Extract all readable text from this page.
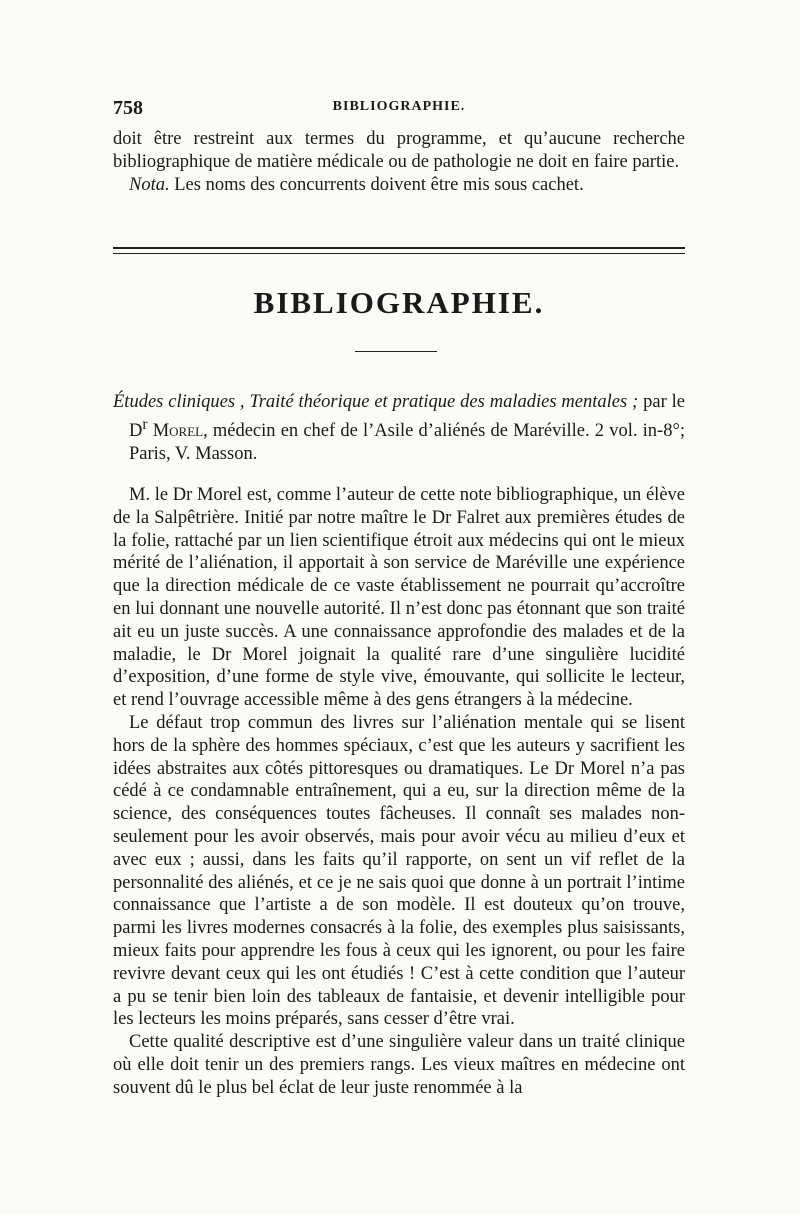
758	BIBLIOGRAPHIE.

doit être restreint aux termes du programme, et qu’aucune recherche bibliographique de matière médicale ou de pathologie ne doit en faire partie.

Nota. Les noms des concurrents doivent être mis sous cachet.

BIBLIOGRAPHIE.

Études cliniques , Traité théorique et pratique des maladies mentales ; par le $D^r$ Morel, médecin en chef de l’Asile d’aliénés de Maréville. 2 vol. in-8°; Paris, V. Masson.

M. le Dr Morel est, comme l’auteur de cette note bibliographique, un élève de la Salpêtrière. Initié par notre maître le Dr Falret aux premières études de la folie, rattaché par un lien scientifique étroit aux médecins qui ont le mieux mérité de l’aliénation, il apportait à son service de Maréville une expérience que la direction médicale de ce vaste établissement ne pourrait qu’accroître en lui donnant une nouvelle autorité. Il n’est donc pas étonnant que son traité ait eu un juste succès. A une connaissance approfondie des malades et de la maladie, le Dr Morel joignait la qualité rare d’une singulière lucidité d’exposition, d’une forme de style vive, émouvante, qui sollicite le lecteur, et rend l’ouvrage accessible même à des gens étrangers à la médecine.

Le défaut trop commun des livres sur l’aliénation mentale qui se lisent hors de la sphère des hommes spéciaux, c’est que les auteurs y sacrifient les idées abstraites aux côtés pittoresques ou dramatiques. Le Dr Morel n’a pas cédé à ce condamnable entraînement, qui a eu, sur la direction même de la science, des conséquences toutes fâcheuses. Il connaît ses malades non-seulement pour les avoir observés, mais pour avoir vécu au milieu d’eux et avec eux ; aussi, dans les faits qu’il rapporte, on sent un vif reflet de la personnalité des aliénés, et ce je ne sais quoi que donne à un portrait l’intime connaissance que l’artiste a de son modèle. Il est douteux qu’on trouve, parmi les livres modernes consacrés à la folie, des exemples plus saisissants, mieux faits pour apprendre les fous à ceux qui les ignorent, ou pour les faire revivre devant ceux qui les ont étudiés ! C’est à cette condition que l’auteur a pu se tenir bien loin des tableaux de fantaisie, et devenir intelligible pour les lecteurs les moins préparés, sans cesser d’être vrai.

Cette qualité descriptive est d’une singulière valeur dans un traité clinique où elle doit tenir un des premiers rangs. Les vieux maîtres en médecine ont souvent dû le plus bel éclat de leur juste renommée à la
